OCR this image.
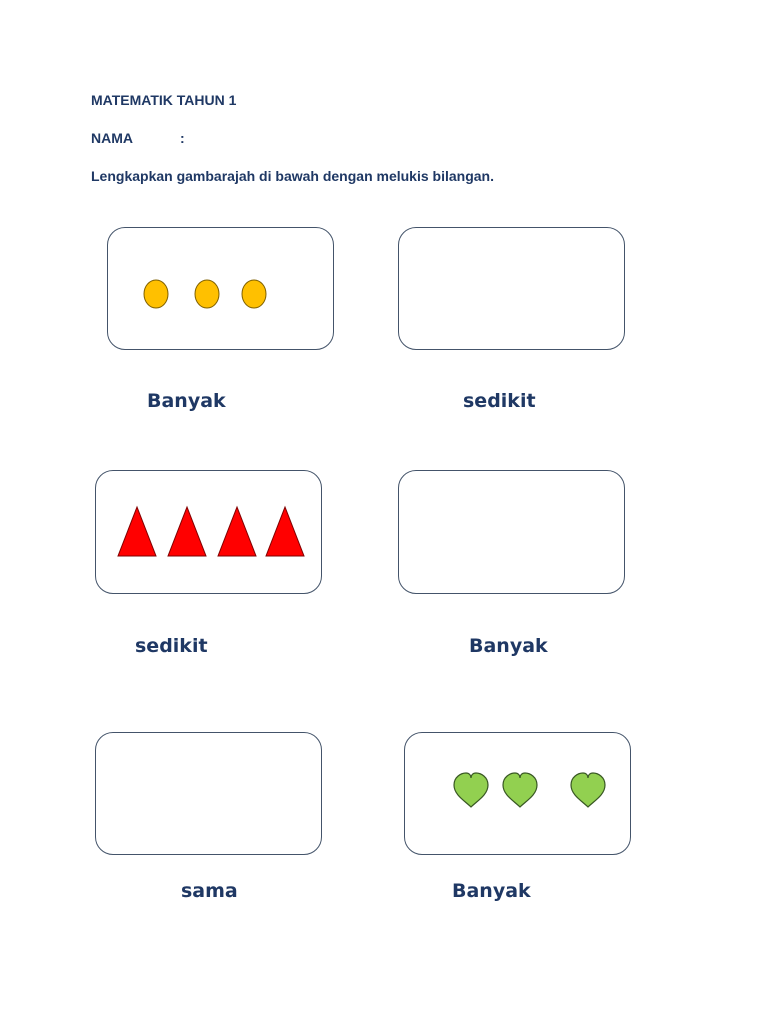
MATEMATIK TAHUN 1
NAMA	:
Lengkapkan gambarajah di bawah dengan melukis bilangan.
Banyak	sedikit
sedikit	Banyak
sama	Banyak
